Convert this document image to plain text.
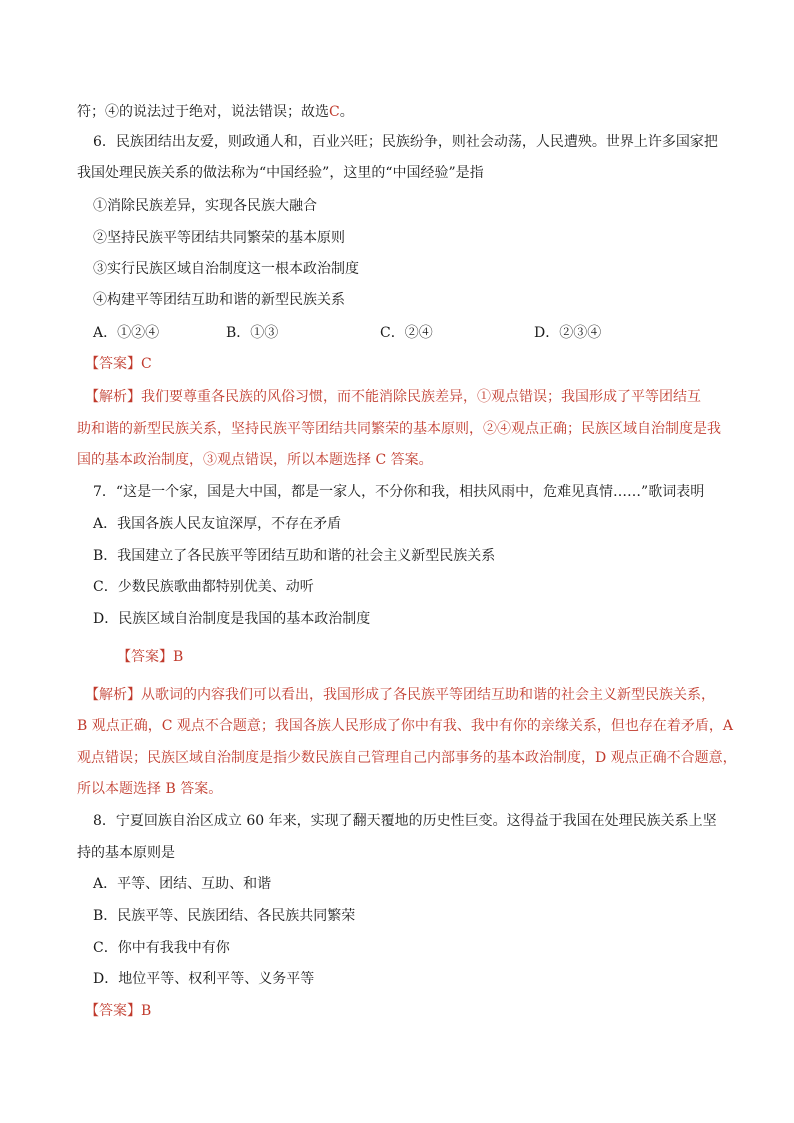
符；④的说法过于绝对，说法错误；故选C。
6．民族团结出友爱，则政通人和，百业兴旺；民族纷争，则社会动荡，人民遭殃。世界上许多国家把
我国处理民族关系的做法称为“中国经验”，这里的“中国经验”是指
①消除民族差异，实现各民族大融合
②坚持民族平等团结共同繁荣的基本原则
③实行民族区域自治制度这一根本政治制度
④构建平等团结互助和谐的新型民族关系
A．①②④	B．①③	C．②④	D．②③④
【答案】C
【解析】我们要尊重各民族的风俗习惯，而不能消除民族差异，①观点错误；我国形成了平等团结互
助和谐的新型民族关系，坚持民族平等团结共同繁荣的基本原则，②④观点正确；民族区域自治制度是我
国的基本政治制度，③观点错误，所以本题选择 C 答案。
7．“这是一个家，国是大中国，都是一家人，不分你和我，相扶风雨中，危难见真情……”歌词表明
A．我国各族人民友谊深厚，不存在矛盾
B．我国建立了各民族平等团结互助和谐的社会主义新型民族关系
C．少数民族歌曲都特别优美、动听
D．民族区域自治制度是我国的基本政治制度
【答案】B
【解析】从歌词的内容我们可以看出，我国形成了各民族平等团结互助和谐的社会主义新型民族关系，
B 观点正确，C 观点不合题意；我国各族人民形成了你中有我、我中有你的亲缘关系，但也存在着矛盾，A
观点错误；民族区域自治制度是指少数民族自己管理自己内部事务的基本政治制度，D 观点正确不合题意，
所以本题选择 B 答案。
8．宁夏回族自治区成立 60 年来，实现了翻天覆地的历史性巨变。这得益于我国在处理民族关系上坚
持的基本原则是
A．平等、团结、互助、和谐
B．民族平等、民族团结、各民族共同繁荣
C．你中有我我中有你
D．地位平等、权利平等、义务平等
【答案】B
